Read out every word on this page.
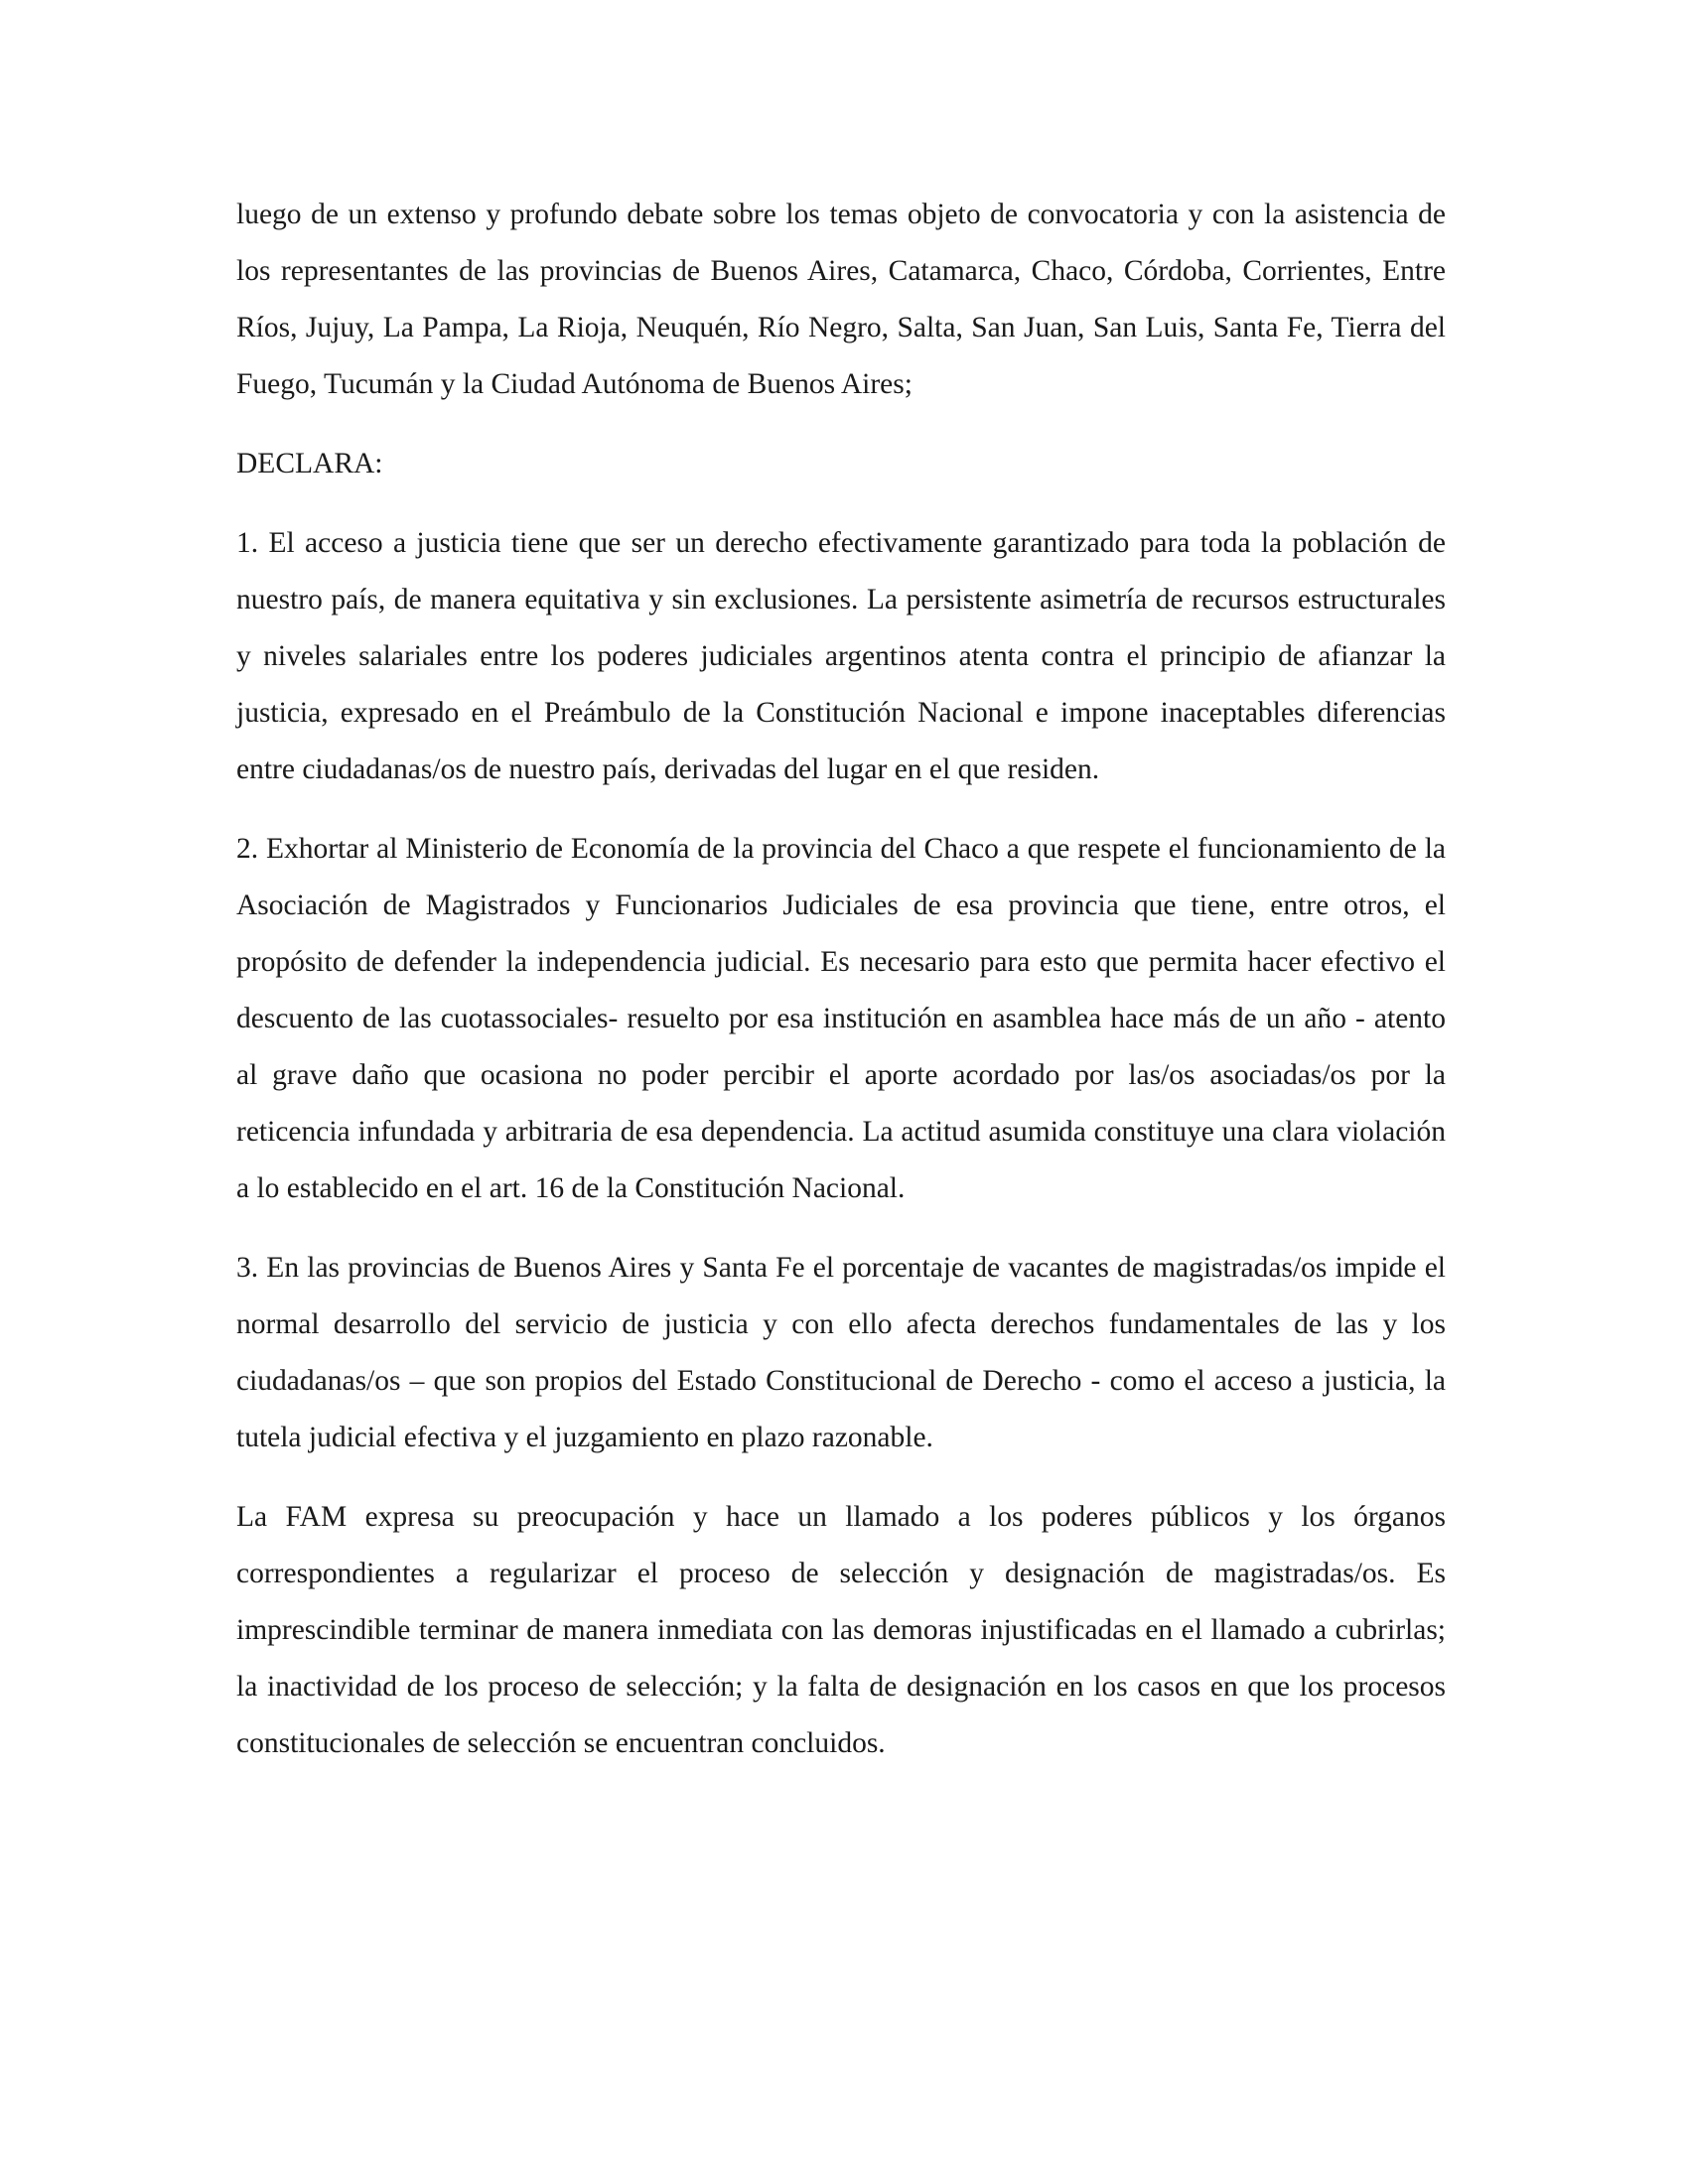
luego de un extenso y profundo debate sobre los temas objeto de convocatoria y con la asistencia de los representantes de las provincias de Buenos Aires, Catamarca, Chaco, Córdoba, Corrientes, Entre Ríos, Jujuy, La Pampa, La Rioja, Neuquén, Río Negro, Salta, San Juan, San Luis, Santa Fe, Tierra del Fuego, Tucumán y la Ciudad Autónoma de Buenos Aires;

DECLARA:

1. El acceso a justicia tiene que ser un derecho efectivamente garantizado para toda la población de nuestro país, de manera equitativa y sin exclusiones. La persistente asimetría de recursos estructurales y niveles salariales entre los poderes judiciales argentinos atenta contra el principio de afianzar la justicia, expresado en el Preámbulo de la Constitución Nacional e impone inaceptables diferencias entre ciudadanas/os de nuestro país, derivadas del lugar en el que residen.

2. Exhortar al Ministerio de Economía de la provincia del Chaco a que respete el funcionamiento de la Asociación de Magistrados y Funcionarios Judiciales de esa provincia que tiene, entre otros, el propósito de defender la independencia judicial. Es necesario para esto que permita hacer efectivo el descuento de las cuotassociales- resuelto por esa institución en asamblea hace más de un año - atento al grave daño que ocasiona no poder percibir el aporte acordado por las/os asociadas/os por la reticencia infundada y arbitraria de esa dependencia. La actitud asumida constituye una clara violación a lo establecido en el art. 16 de la Constitución Nacional.

3. En las provincias de Buenos Aires y Santa Fe el porcentaje de vacantes de magistradas/os impide el normal desarrollo del servicio de justicia y con ello afecta derechos fundamentales de las y los ciudadanas/os – que son propios del Estado Constitucional de Derecho - como el acceso a justicia, la tutela judicial efectiva y el juzgamiento en plazo razonable.

La FAM expresa su preocupación y hace un llamado a los poderes públicos y los órganos correspondientes a regularizar el proceso de selección y designación de magistradas/os. Es imprescindible terminar de manera inmediata con las demoras injustificadas en el llamado a cubrirlas; la inactividad de los proceso de selección; y la falta de designación en los casos en que los procesos constitucionales de selección se encuentran concluidos.
